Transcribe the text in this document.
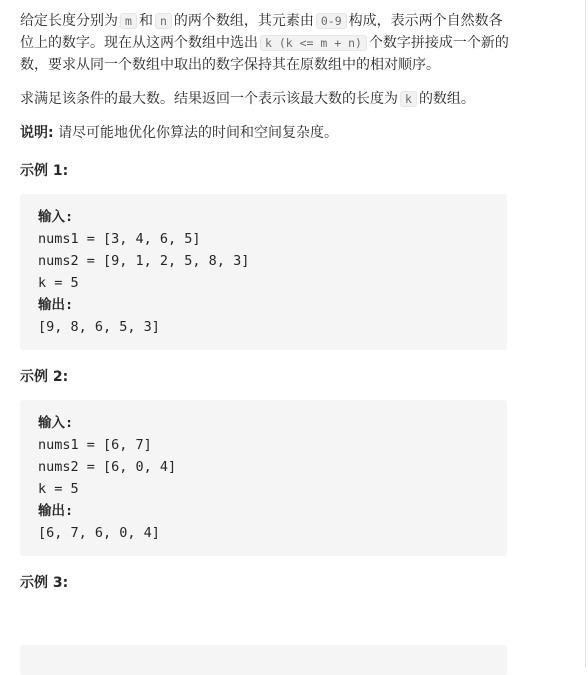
给定长度分别为 m 和 n 的两个数组，其元素由 0-9 构成，表示两个自然数各位上的数字。现在从这两个数组中选出 k (k <= m + n) 个数字拼接成一个新的数，要求从同一个数组中取出的数字保持其在原数组中的相对顺序。

求满足该条件的最大数。结果返回一个表示该最大数的长度为 k 的数组。

说明: 请尽可能地优化你算法的时间和空间复杂度。

示例 1:
输入:
nums1 = [3, 4, 6, 5]
nums2 = [9, 1, 2, 5, 8, 3]
k = 5
输出:
[9, 8, 6, 5, 3]
示例 2:
输入:
nums1 = [6, 7]
nums2 = [6, 0, 4]
k = 5
输出:
[6, 7, 6, 0, 4]
示例 3:
